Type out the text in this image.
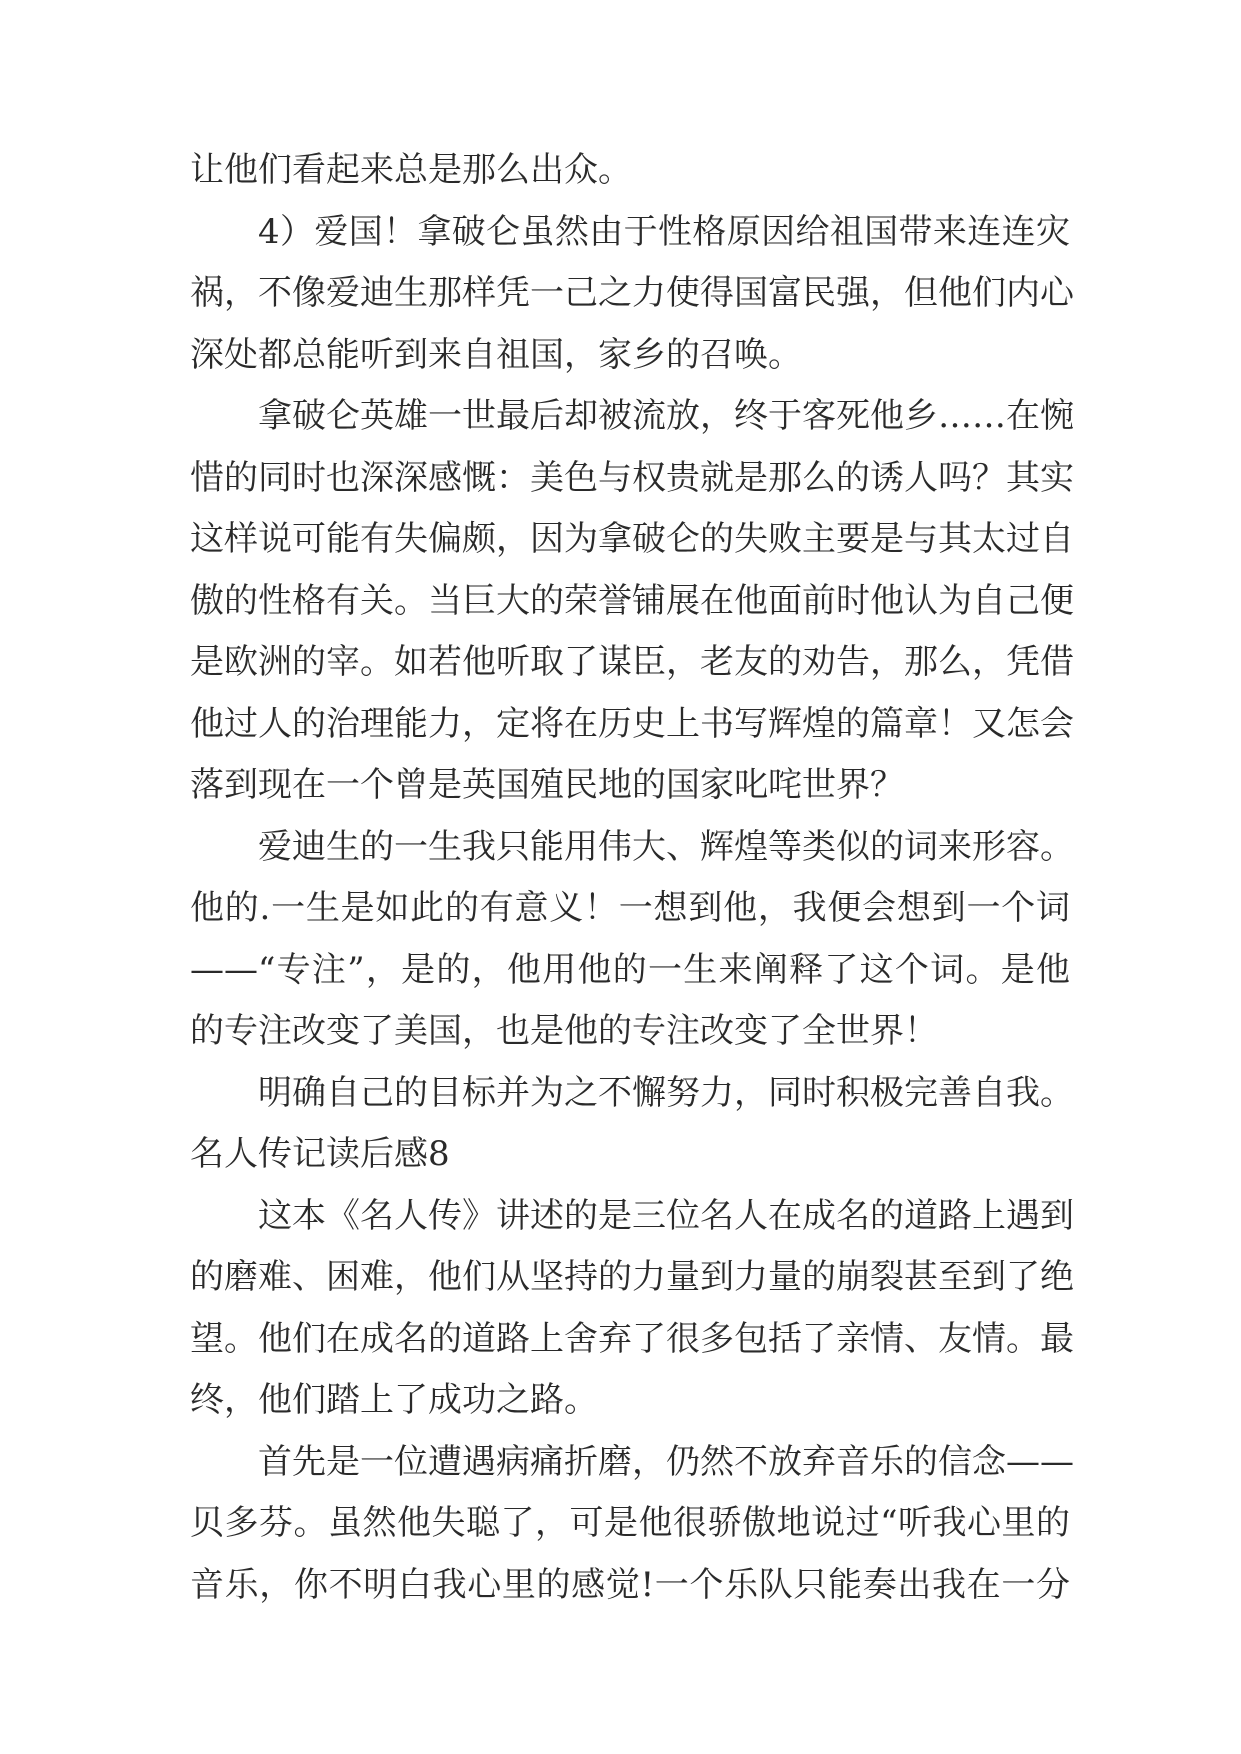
让他们看起来总是那么出众。
4）爱国！拿破仑虽然由于性格原因给祖国带来连连灾
祸，不像爱迪生那样凭一己之力使得国富民强，但他们内心
深处都总能听到来自祖国，家乡的召唤。
拿破仑英雄一世最后却被流放，终于客死他乡……在惋
惜的同时也深深感慨：美色与权贵就是那么的诱人吗？其实
这样说可能有失偏颇，因为拿破仑的失败主要是与其太过自
傲的性格有关。当巨大的荣誉铺展在他面前时他认为自己便
是欧洲的宰。如若他听取了谋臣，老友的劝告，那么，凭借
他过人的治理能力，定将在历史上书写辉煌的篇章！又怎会
落到现在一个曾是英国殖民地的国家叱咤世界？
爱迪生的一生我只能用伟大、辉煌等类似的词来形容。
他的.一生是如此的有意义！一想到他，我便会想到一个词
——“专注”，是的，他用他的一生来阐释了这个词。是他
的专注改变了美国，也是他的专注改变了全世界！
明确自己的目标并为之不懈努力，同时积极完善自我。
名人传记读后感8
这本《名人传》讲述的是三位名人在成名的道路上遇到
的磨难、困难，他们从坚持的力量到力量的崩裂甚至到了绝
望。他们在成名的道路上舍弃了很多包括了亲情、友情。最
终，他们踏上了成功之路。
首先是一位遭遇病痛折磨，仍然不放弃音乐的信念——
贝多芬。虽然他失聪了，可是他很骄傲地说过“听我心里的
音乐，你不明白我心里的感觉!一个乐队只能奏出我在一分
